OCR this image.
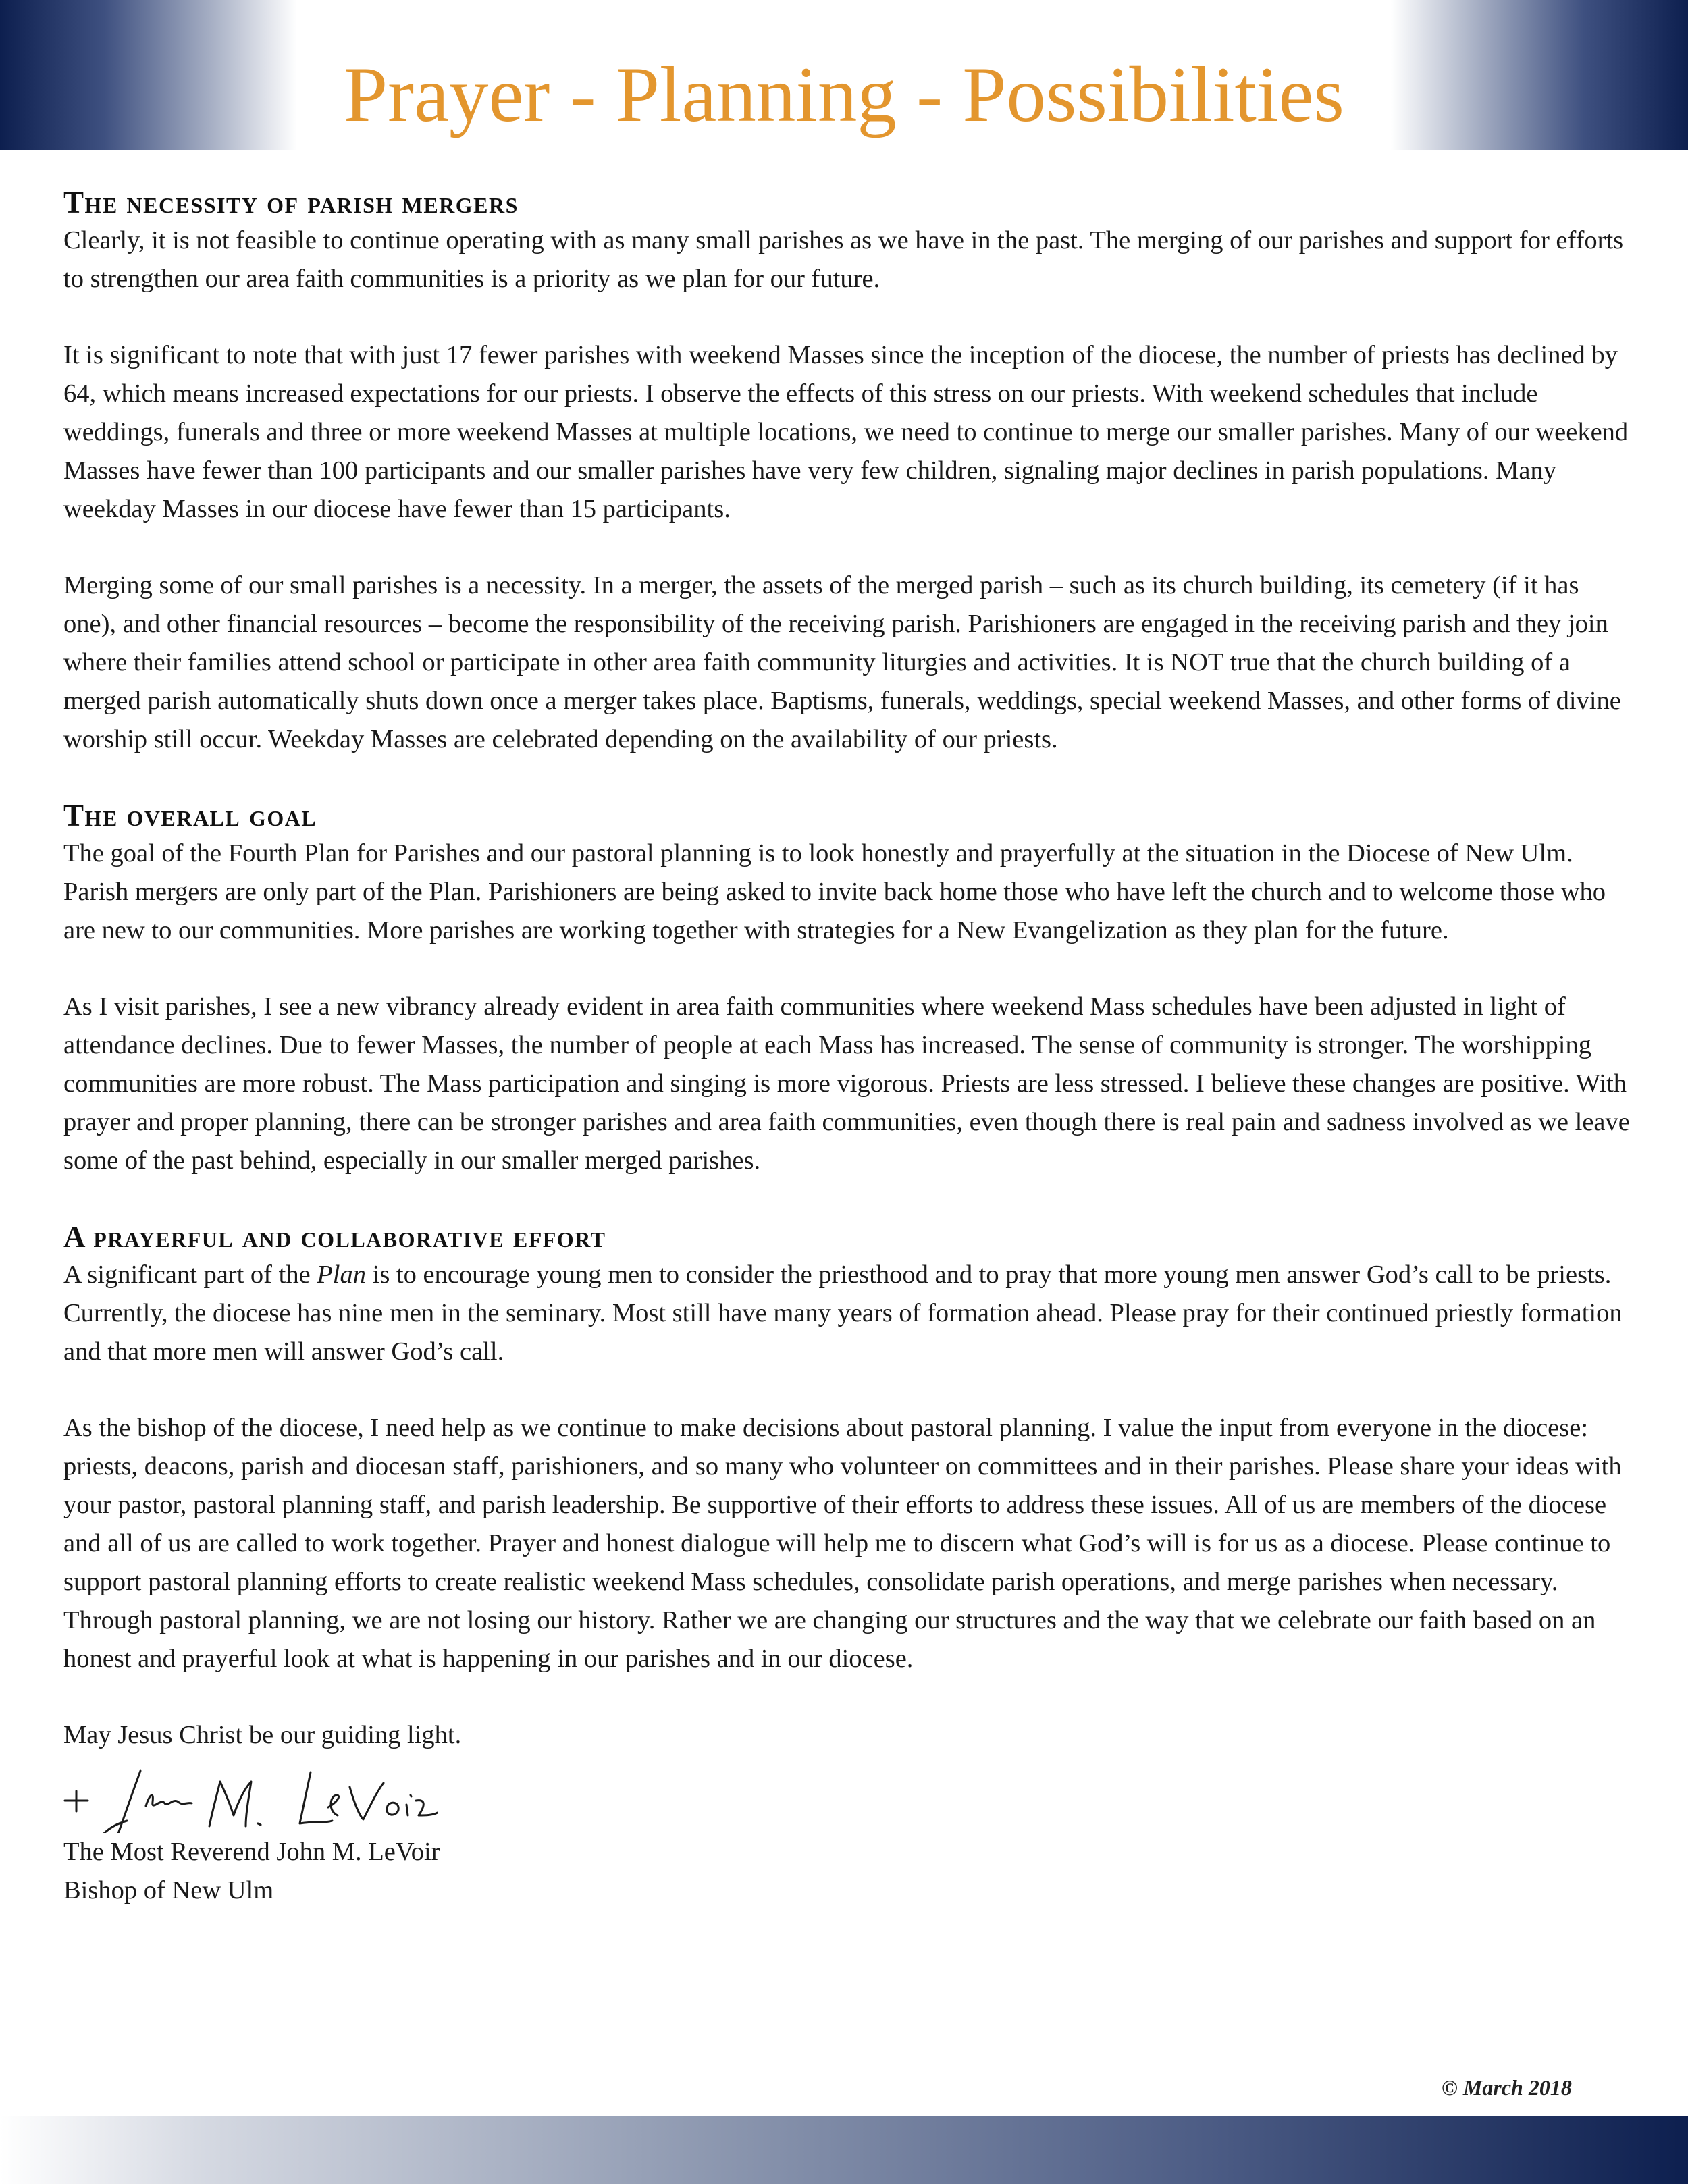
Prayer - Planning - Possibilities
The necessity of parish mergers

Clearly, it is not feasible to continue operating with as many small parishes as we have in the past. The merging of our parishes and support for efforts to strengthen our area faith communities is a priority as we plan for our future.

It is significant to note that with just 17 fewer parishes with weekend Masses since the inception of the diocese, the number of priests has declined by 64, which means increased expectations for our priests. I observe the effects of this stress on our priests. With weekend schedules that include weddings, funerals and three or more weekend Masses at multiple locations, we need to continue to merge our smaller parishes. Many of our weekend Masses have fewer than 100 participants and our smaller parishes have very few children, signaling major declines in parish populations. Many weekday Masses in our diocese have fewer than 15 participants.

Merging some of our small parishes is a necessity. In a merger, the assets of the merged parish – such as its church building, its cemetery (if it has one), and other financial resources – become the responsibility of the receiving parish. Parishioners are engaged in the receiving parish and they join where their families attend school or participate in other area faith community liturgies and activities. It is NOT true that the church building of a merged parish automatically shuts down once a merger takes place. Baptisms, funerals, weddings, special weekend Masses, and other forms of divine worship still occur. Weekday Masses are celebrated depending on the availability of our priests.

The overall goal

The goal of the Fourth Plan for Parishes and our pastoral planning is to look honestly and prayerfully at the situation in the Diocese of New Ulm. Parish mergers are only part of the Plan. Parishioners are being asked to invite back home those who have left the church and to welcome those who are new to our communities. More parishes are working together with strategies for a New Evangelization as they plan for the future.

As I visit parishes, I see a new vibrancy already evident in area faith communities where weekend Mass schedules have been adjusted in light of attendance declines. Due to fewer Masses, the number of people at each Mass has increased. The sense of community is stronger. The worshipping communities are more robust. The Mass participation and singing is more vigorous. Priests are less stressed. I believe these changes are positive. With prayer and proper planning, there can be stronger parishes and area faith communities, even though there is real pain and sadness involved as we leave some of the past behind, especially in our smaller merged parishes.

A prayerful and collaborative effort

A significant part of the Plan is to encourage young men to consider the priesthood and to pray that more young men answer God’s call to be priests. Currently, the diocese has nine men in the seminary. Most still have many years of formation ahead. Please pray for their continued priestly formation and that more men will answer God’s call.

As the bishop of the diocese, I need help as we continue to make decisions about pastoral planning. I value the input from everyone in the diocese: priests, deacons, parish and diocesan staff, parishioners, and so many who volunteer on committees and in their parishes. Please share your ideas with your pastor, pastoral planning staff, and parish leadership. Be supportive of their efforts to address these issues. All of us are members of the diocese and all of us are called to work together. Prayer and honest dialogue will help me to discern what God’s will is for us as a diocese. Please continue to support pastoral planning efforts to create realistic weekend Mass schedules, consolidate parish operations, and merge parishes when necessary. Through pastoral planning, we are not losing our history. Rather we are changing our structures and the way that we celebrate our faith based on an honest and prayerful look at what is happening in our parishes and in our diocese.

May Jesus Christ be our guiding light.

The Most Reverend John M. LeVoir

Bishop of New Ulm

© March 2018
